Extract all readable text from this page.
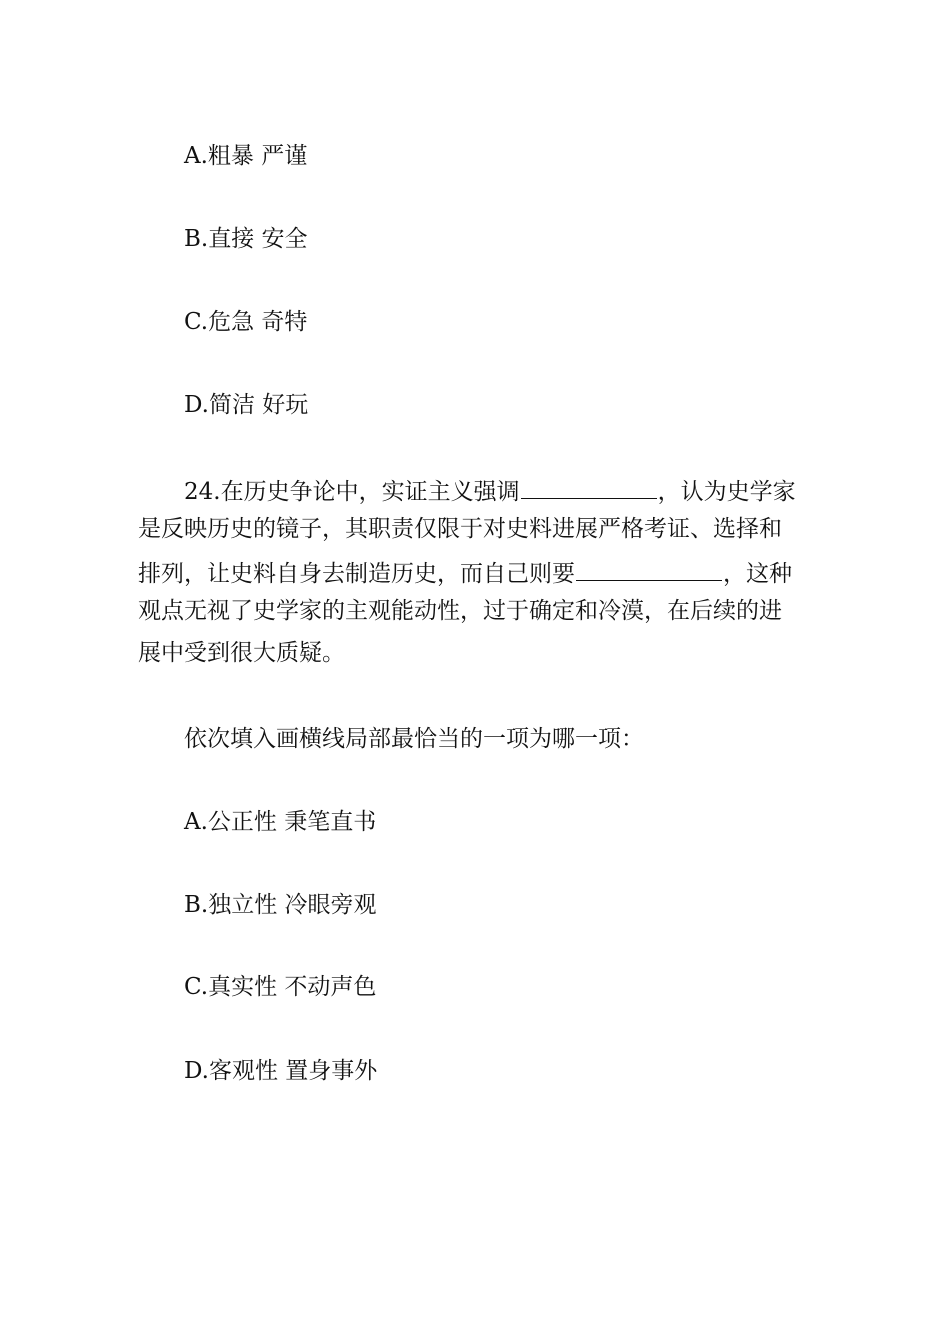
A.粗暴 严谨
B.直接 安全
C.危急 奇特
D.简洁 好玩
24.在历史争论中，实证主义强调	，认为史学家
是反映历史的镜子，其职责仅限于对史料进展严格考证、选择和
排列，让史料自身去制造历史，而自己则要	，这种
观点无视了史学家的主观能动性，过于确定和冷漠，在后续的进
展中受到很大质疑。
依次填入画横线局部最恰当的一项为哪一项：
A.公正性 秉笔直书
B.独立性 冷眼旁观
C.真实性 不动声色
D.客观性 置身事外
